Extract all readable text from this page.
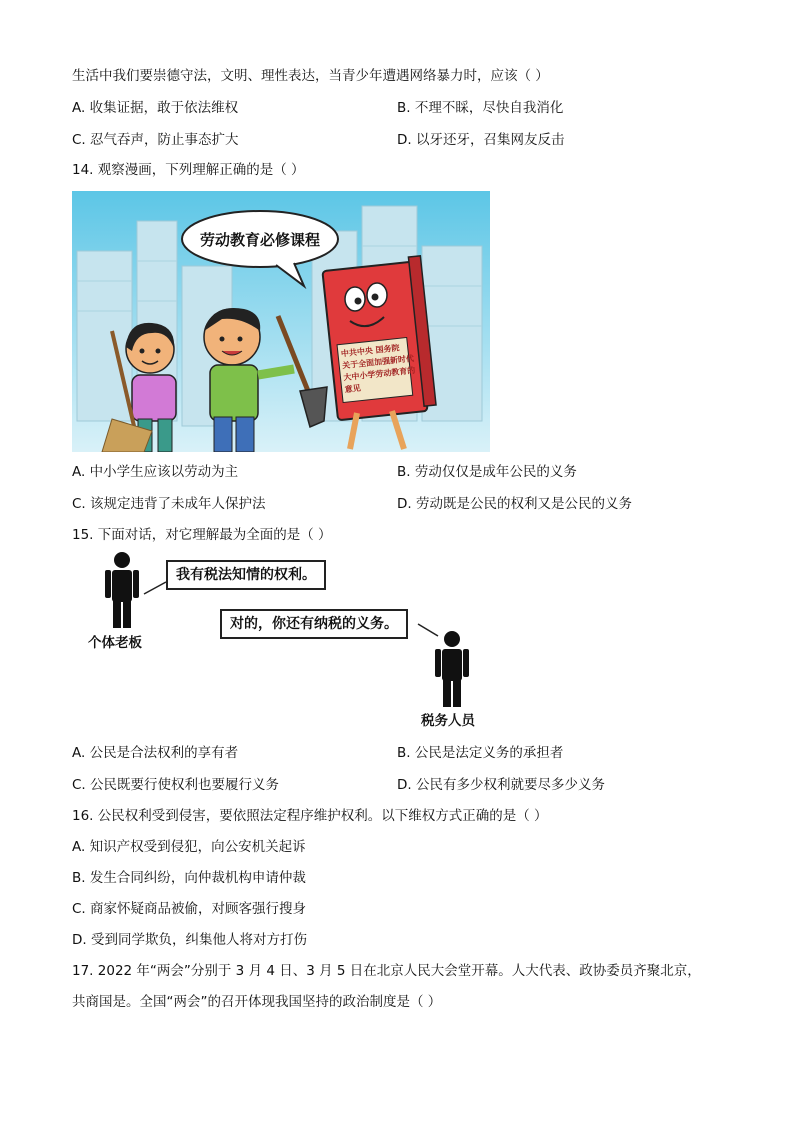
生活中我们要崇德守法，文明、理性表达，当青少年遭遇网络暴力时，应该（ ）
A. 收集证据，敢于依法维权	B. 不理不睬，尽快自我消化
C. 忍气吞声，防止事态扩大	D. 以牙还牙，召集网友反击
14. 观察漫画，下列理解正确的是（ ）
劳动教育必修课程
中共中央 国务院
关于全面加强新时代
大中小学劳动教育的
意见
A. 中小学生应该以劳动为主	B. 劳动仅仅是成年公民的义务
C. 该规定违背了未成年人保护法	D. 劳动既是公民的权利又是公民的义务
15. 下面对话，对它理解最为全面的是（ ）
我有税法知情的权利。
对的，你还有纳税的义务。
个体老板
税务人员
A. 公民是合法权利的享有者	B. 公民是法定义务的承担者
C. 公民既要行使权利也要履行义务	D. 公民有多少权利就要尽多少义务
16. 公民权利受到侵害，要依照法定程序维护权利。以下维权方式正确的是（ ）
A. 知识产权受到侵犯，向公安机关起诉
B. 发生合同纠纷，向仲裁机构申请仲裁
C. 商家怀疑商品被偷，对顾客强行搜身
D. 受到同学欺负，纠集他人将对方打伤
17. 2022 年“两会”分别于 3 月 4 日、3 月 5 日在北京人民大会堂开幕。人大代表、政协委员齐聚北京，
共商国是。全国“两会”的召开体现我国坚持的政治制度是（ ）
